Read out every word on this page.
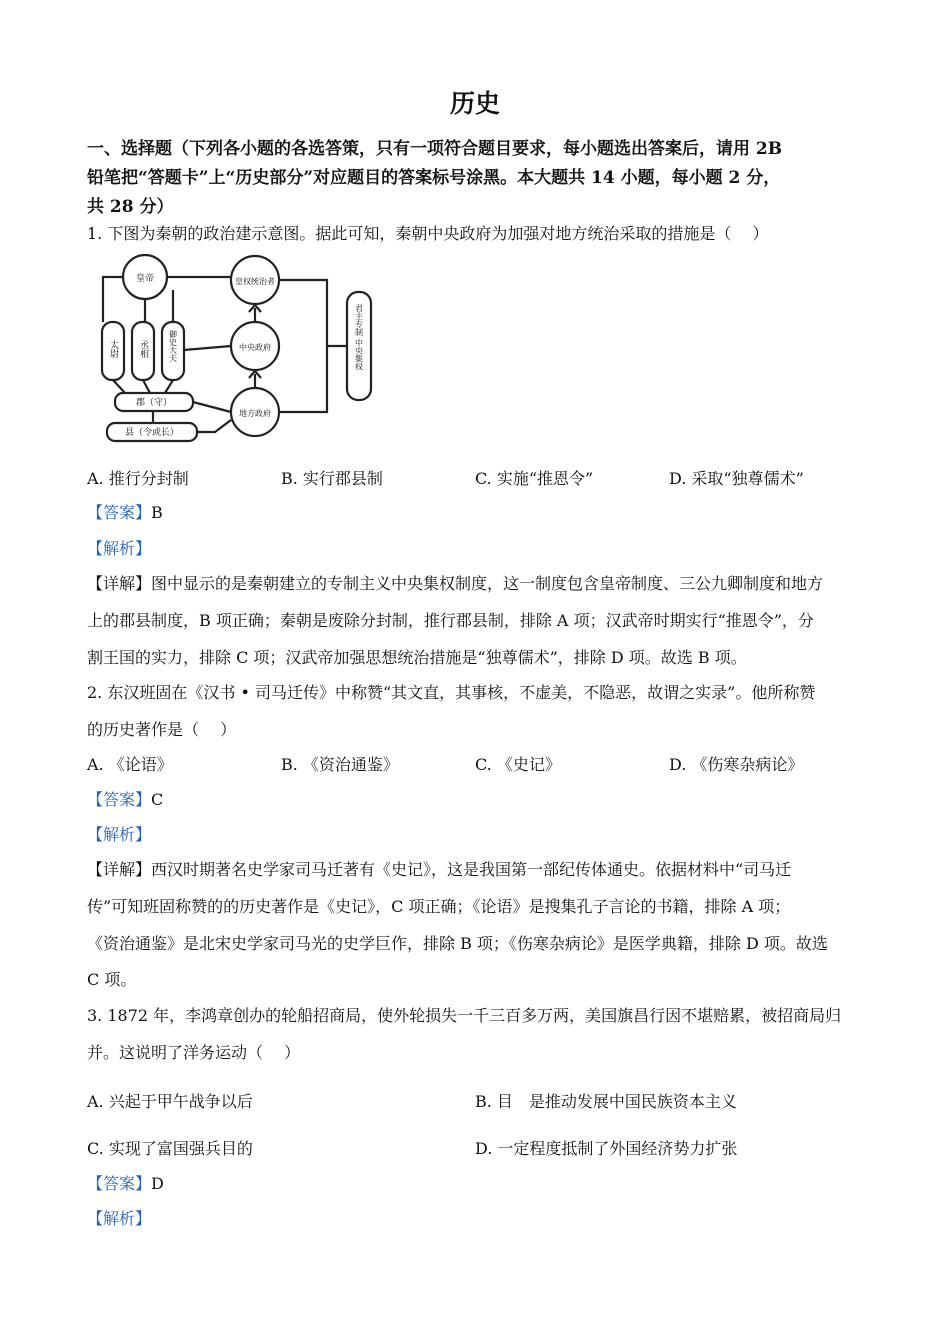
历史
一、选择题（下列各小题的各选答策，只有一项符合题目要求，每小题选出答案后，请用 2B
铅笔把“答题卡”上“历史部分”对应题目的答案标号涂黑。本大题共 14 小题，每小题 2 分，
共 28 分）
1. 下图为秦朝的政治建示意图。据此可知，秦朝中央政府为加强对地方统治采取的措施是（　 ）
皇帝	皇权统治者
中央政府
地方政府
郡（守）
县（令或长）
太尉 丞相	御史大夫	君主专制 中央集权
A. 推行分封制	B. 实行郡县制	C. 实施“推恩令”	D. 采取“独尊儒术”
【答案】B
【解析】
【详解】图中显示的是秦朝建立的专制主义中央集权制度，这一制度包含皇帝制度、三公九卿制度和地方
上的郡县制度，B 项正确；秦朝是废除分封制，推行郡县制，排除 A 项；汉武帝时期实行“推恩令”，分
割王国的实力，排除 C 项；汉武帝加强思想统治措施是“独尊儒术”，排除 D 项。故选 B 项。
2. 东汉班固在《汉书 • 司马迁传》中称赞“其文直，其事核，不虚美，不隐恶，故谓之实录”。他所称赞
的历史著作是（　 ）
A. 《论语》	B. 《资治通鉴》	C. 《史记》	D. 《伤寒杂病论》
【答案】C
【解析】
【详解】西汉时期著名史学家司马迁著有《史记》，这是我国第一部纪传体通史。依据材料中“司马迁
传”可知班固称赞的的历史著作是《史记》，C 项正确；《论语》是搜集孔子言论的书籍，排除 A 项；
《资治通鉴》是北宋史学家司马光的史学巨作，排除 B 项；《伤寒杂病论》是医学典籍，排除 D 项。故选
C 项。
3. 1872 年，李鸿章创办的轮船招商局，使外轮损失一千三百多万两，美国旗昌行因不堪赔累，被招商局归
并。这说明了洋务运动（　 ）
A. 兴起于甲午战争以后	B. 目　是推动发展中国民族资本主义
C. 实现了富国强兵目的	D. 一定程度抵制了外国经济势力扩张
【答案】D
【解析】
